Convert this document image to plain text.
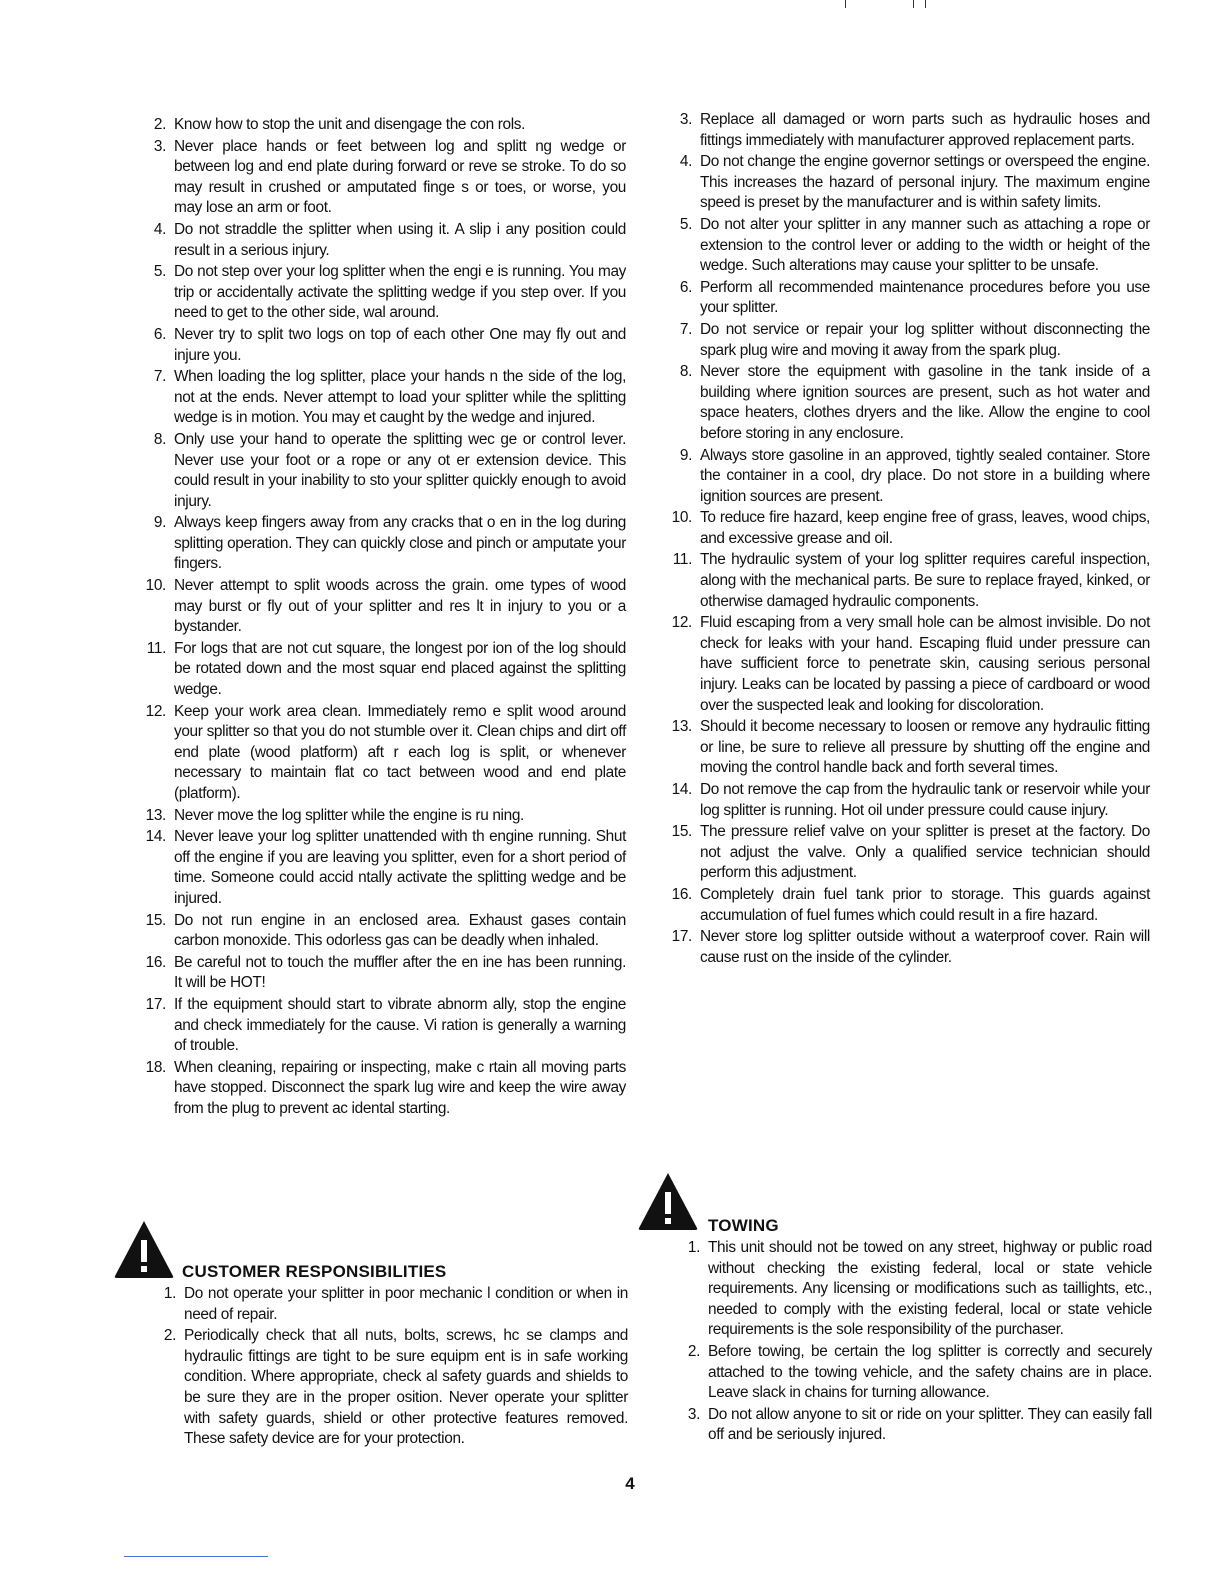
2. Know how to stop the unit and disengage the con rols.
3. Never place hands or feet between log and splitt ng wedge or between log and end plate during forward or reve se stroke. To do so may result in crushed or amputated finge s or toes, or worse, you may lose an arm or foot.
4. Do not straddle the splitter when using it. A slip i any position could result in a serious injury.
5. Do not step over your log splitter when the engi e is running. You may trip or accidentally activate the splitting wedge if you step over. If you need to get to the other side, wal around.
6. Never try to split two logs on top of each other One may fly out and injure you.
7. When loading the log splitter, place your hands n the side of the log, not at the ends. Never attempt to load your splitter while the splitting wedge is in motion. You may et caught by the wedge and injured.
8. Only use your hand to operate the splitting wec ge or control lever. Never use your foot or a rope or any ot er extension device. This could result in your inability to sto your splitter quickly enough to avoid injury.
9. Always keep fingers away from any cracks that o en in the log during splitting operation. They can quickly close and pinch or amputate your fingers.
10. Never attempt to split woods across the grain. ome types of wood may burst or fly out of your splitter and res lt in injury to you or a bystander.
11. For logs that are not cut square, the longest por ion of the log should be rotated down and the most squar end placed against the splitting wedge.
12. Keep your work area clean. Immediately remo e split wood around your splitter so that you do not stumble over it. Clean chips and dirt off end plate (wood platform) aft r each log is split, or whenever necessary to maintain flat co tact between wood and end plate (platform).
13. Never move the log splitter while the engine is ru ning.
14. Never leave your log splitter unattended with th engine running. Shut off the engine if you are leaving you splitter, even for a short period of time. Someone could accid ntally activate the splitting wedge and be injured.
15. Do not run engine in an enclosed area. Exhaust gases contain carbon monoxide. This odorless gas can be deadly when inhaled.
16. Be careful not to touch the muffler after the en ine has been running. It will be HOT!
17. If the equipment should start to vibrate abnorm ally, stop the engine and check immediately for the cause. Vi ration is generally a warning of trouble.
18. When cleaning, repairing or inspecting, make c rtain all moving parts have stopped. Disconnect the spark lug wire and keep the wire away from the plug to prevent ac idental starting.
3. Replace all damaged or worn parts such as hydraulic hoses and fittings immediately with manufacturer approved replacement parts.
4. Do not change the engine governor settings or overspeed the engine. This increases the hazard of personal injury. The maximum engine speed is preset by the manufacturer and is within safety limits.
5. Do not alter your splitter in any manner such as attaching a rope or extension to the control lever or adding to the width or height of the wedge. Such alterations may cause your splitter to be unsafe.
6. Perform all recommended maintenance procedures before you use your splitter.
7. Do not service or repair your log splitter without disconnecting the spark plug wire and moving it away from the spark plug.
8. Never store the equipment with gasoline in the tank inside of a building where ignition sources are present, such as hot water and space heaters, clothes dryers and the like. Allow the engine to cool before storing in any enclosure.
9. Always store gasoline in an approved, tightly sealed container. Store the container in a cool, dry place. Do not store in a building where ignition sources are present.
10. To reduce fire hazard, keep engine free of grass, leaves, wood chips, and excessive grease and oil.
11. The hydraulic system of your log splitter requires careful inspection, along with the mechanical parts. Be sure to replace frayed, kinked, or otherwise damaged hydraulic components.
12. Fluid escaping from a very small hole can be almost invisible. Do not check for leaks with your hand. Escaping fluid under pressure can have sufficient force to penetrate skin, causing serious personal injury. Leaks can be located by passing a piece of cardboard or wood over the suspected leak and looking for discoloration.
13. Should it become necessary to loosen or remove any hydraulic fitting or line, be sure to relieve all pressure by shutting off the engine and moving the control handle back and forth several times.
14. Do not remove the cap from the hydraulic tank or reservoir while your log splitter is running. Hot oil under pressure could cause injury.
15. The pressure relief valve on your splitter is preset at the factory. Do not adjust the valve. Only a qualified service technician should perform this adjustment.
16. Completely drain fuel tank prior to storage. This guards against accumulation of fuel fumes which could result in a fire hazard.
17. Never store log splitter outside without a waterproof cover. Rain will cause rust on the inside of the cylinder.
CUSTOMER RESPONSIBILITIES
1. Do not operate your splitter in poor mechanic l condition or when in need of repair.
2. Periodically check that all nuts, bolts, screws, hc se clamps and hydraulic fittings are tight to be sure equipm ent is in safe working condition. Where appropriate, check al safety guards and shields to be sure they are in the proper osition. Never operate your splitter with safety guards, shield or other protective features removed. These safety device are for your protection.
TOWING
1. This unit should not be towed on any street, highway or public road without checking the existing federal, local or state vehicle requirements. Any licensing or modifications such as taillights, etc., needed to comply with the existing federal, local or state vehicle requirements is the sole responsibility of the purchaser.
2. Before towing, be certain the log splitter is correctly and securely attached to the towing vehicle, and the safety chains are in place. Leave slack in chains for turning allowance.
3. Do not allow anyone to sit or ride on your splitter. They can easily fall off and be seriously injured.
4
